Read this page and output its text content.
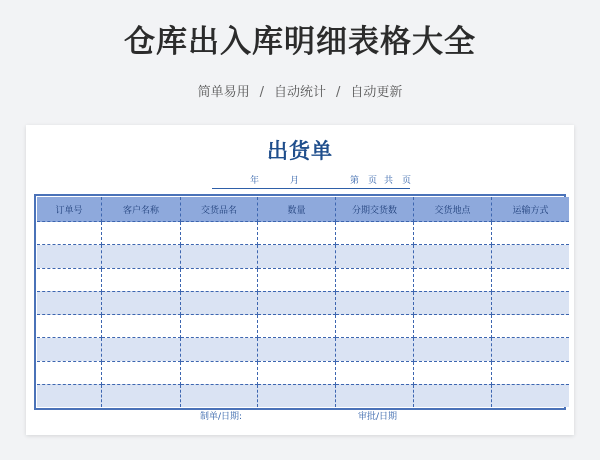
仓库出入库明细表格大全
简单易用 / 自动统计 / 自动更新
出货单
年	月	第 页 共 页
订单号	客户名称	交货品名	数量	分期交货数	交货地点	运输方式

制单/日期:	审批/日期
